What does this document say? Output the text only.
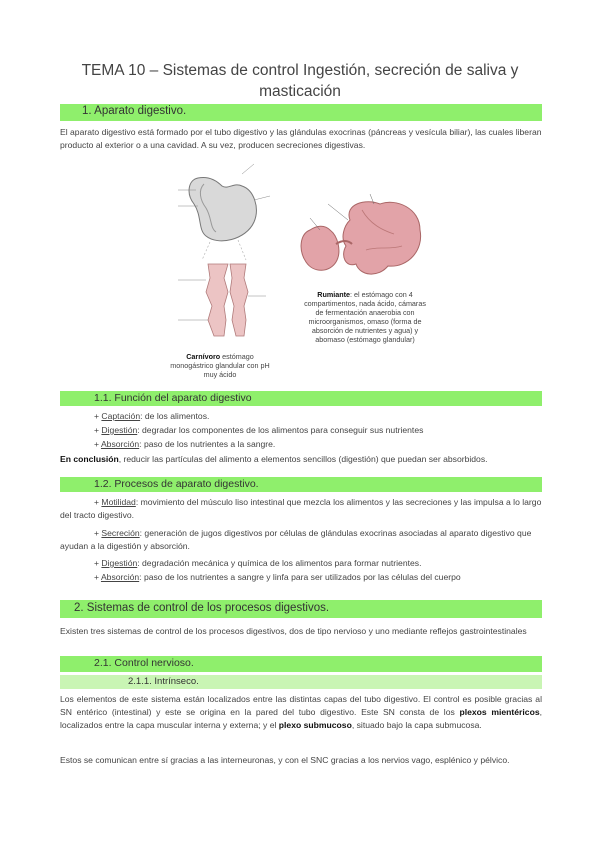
TEMA 10 – Sistemas de control Ingestión, secreción de saliva y masticación
1. Aparato digestivo.
El aparato digestivo está formado por el tubo digestivo y las glándulas exocrinas (páncreas y vesícula biliar), las cuales liberan producto al exterior o a una cavidad. A su vez, producen secreciones digestivas.
Carnívoro estómago monogástrico glandular con pH muy ácido
Rumiante: el estómago con 4 compartimentos, nada ácido, cámaras de fermentación anaerobia con microorganismos, omaso (forma de absorción de nutrientes y agua) y abomaso (estómago glandular)
1.1. Función del aparato digestivo
+ Captación: de los alimentos.
+ Digestión: degradar los componentes de los alimentos para conseguir sus nutrientes
+ Absorción: paso de los nutrientes a la sangre.
En conclusión, reducir las partículas del alimento a elementos sencillos (digestión) que puedan ser absorbidos.
1.2. Procesos de aparato digestivo.
+ Motilidad: movimiento del músculo liso intestinal que mezcla los alimentos y las secreciones y las impulsa a lo largo del tracto digestivo.
+ Secreción: generación de jugos digestivos por células de glándulas exocrinas asociadas al aparato digestivo que ayudan a la digestión y absorción.
+ Digestión: degradación mecánica y química de los alimentos para formar nutrientes.
+ Absorción: paso de los nutrientes a sangre y linfa para ser utilizados por las células del cuerpo
2. Sistemas de control de los procesos digestivos.
Existen tres sistemas de control de los procesos digestivos, dos de tipo nervioso y uno mediante reflejos gastrointestinales
2.1. Control nervioso.
2.1.1. Intrínseco.
Los elementos de este sistema están localizados entre las distintas capas del tubo digestivo. El control es posible gracias al SN entérico (intestinal) y este se origina en la pared del tubo digestivo. Este SN consta de los plexos mientéricos, localizados entre la capa muscular interna y externa; y el plexo submucoso, situado bajo la capa submucosa.
Estos se comunican entre sí gracias a las interneuronas, y con el SNC gracias a los nervios vago, esplénico y pélvico.
